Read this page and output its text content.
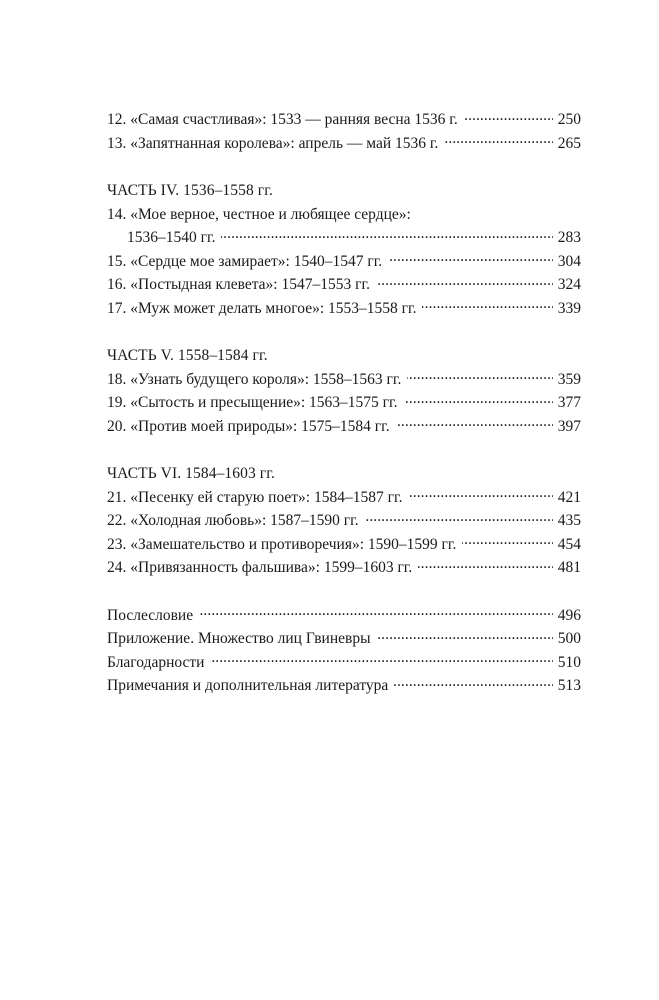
12. «Самая счастливая»: 1533 — ранняя весна 1536 г. . . .	250
13. «Запятнанная королева»: апрель — май 1536 г. . . .	265
ЧАСТЬ IV. 1536–1558 гг.
14. «Мое верное, честное и любящее сердце»:
1536–1540 гг. . . .	283
15. «Сердце мое замирает»: 1540–1547 гг. . . .	304
16. «Постыдная клевета»: 1547–1553 гг. . . .	324
17. «Муж может делать многое»: 1553–1558 гг. . . .	339
ЧАСТЬ V. 1558–1584 гг.
18. «Узнать будущего короля»: 1558–1563 гг. . . .	359
19. «Сытость и пресыщение»: 1563–1575 гг. . . .	377
20. «Против моей природы»: 1575–1584 гг. . . .	397
ЧАСТЬ VI. 1584–1603 гг.
21. «Песенку ей старую поет»: 1584–1587 гг. . . .	421
22. «Холодная любовь»: 1587–1590 гг. . . .	435
23. «Замешательство и противоречия»: 1590–1599 гг. . . .	454
24. «Привязанность фальшива»: 1599–1603 гг. . . .	481
Послесловие . . .	496
Приложение. Множество лиц Гвиневры . . .	500
Благодарности . . .	510
Примечания и дополнительная литература . . .	513
